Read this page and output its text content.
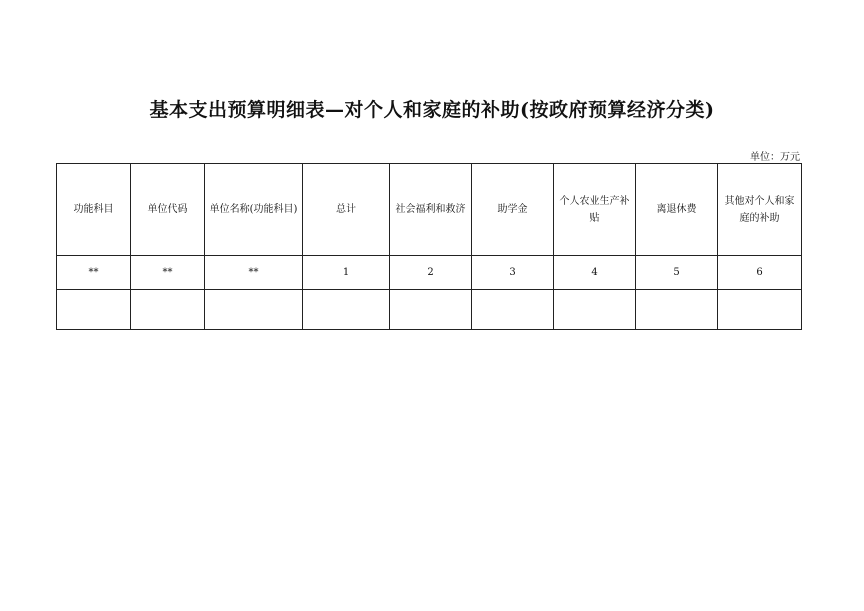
基本支出预算明细表—对个人和家庭的补助(按政府预算经济分类)
单位：万元
功能科目	单位代码	单位名称(功能科目)	总计	社会福利和救济	助学金	个人农业生产补贴	离退休费	其他对个人和家庭的补助
**	**	**	1	2	3	4	5	6
